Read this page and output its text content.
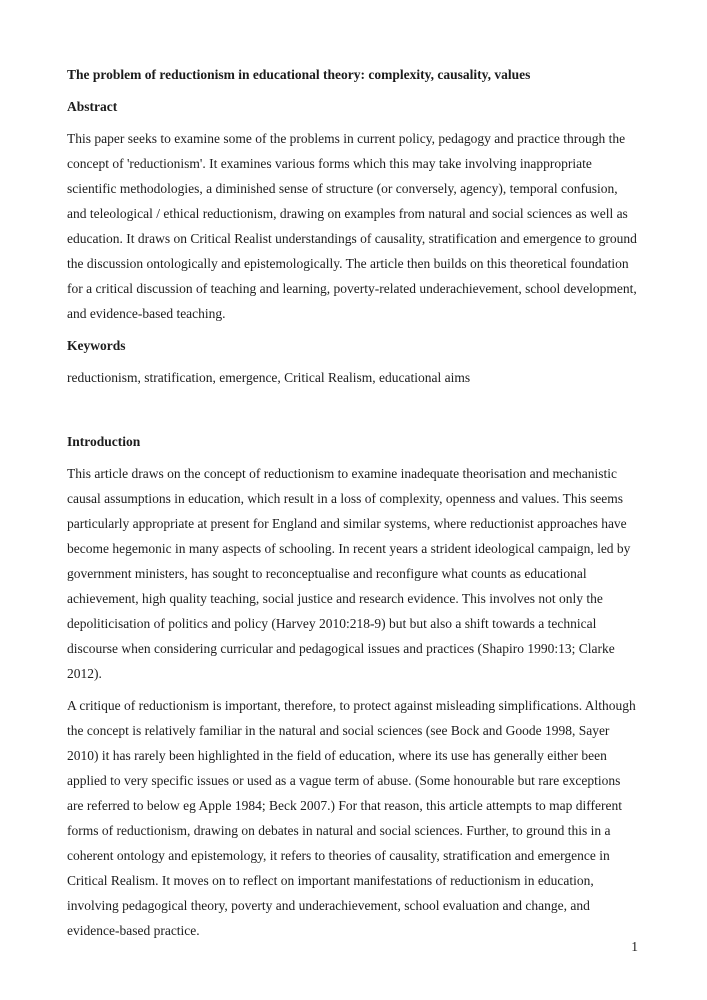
The problem of reductionism in educational theory: complexity, causality, values

Abstract

This paper seeks to examine some of the problems in current policy, pedagogy and practice through the concept of 'reductionism'. It examines various forms which this may take involving inappropriate scientific methodologies, a diminished sense of structure (or conversely, agency), temporal confusion, and teleological / ethical reductionism, drawing on examples from natural and social sciences as well as education. It draws on Critical Realist understandings of causality, stratification and emergence to ground the discussion ontologically and epistemologically. The article then builds on this theoretical foundation for a critical discussion of teaching and learning, poverty-related underachievement, school development, and evidence-based teaching.

Keywords

reductionism, stratification, emergence, Critical Realism, educational aims

Introduction

This article draws on the concept of reductionism to examine inadequate theorisation and mechanistic causal assumptions in education, which result in a loss of complexity, openness and values. This seems particularly appropriate at present for England and similar systems, where reductionist approaches have become hegemonic in many aspects of schooling. In recent years a strident ideological campaign, led by government ministers, has sought to reconceptualise and reconfigure what counts as educational achievement, high quality teaching, social justice and research evidence. This involves not only the depoliticisation of politics and policy (Harvey 2010:218-9) but but also a shift towards a technical discourse when considering curricular and pedagogical issues and practices (Shapiro 1990:13; Clarke 2012).

A critique of reductionism is important, therefore, to protect against misleading simplifications. Although the concept is relatively familiar in the natural and social sciences (see Bock and Goode 1998, Sayer 2010) it has rarely been highlighted in the field of education, where its use has generally either been applied to very specific issues or used as a vague term of abuse. (Some honourable but rare exceptions are referred to below eg Apple 1984; Beck 2007.) For that reason, this article attempts to map different forms of reductionism, drawing on debates in natural and social sciences. Further, to ground this in a coherent ontology and epistemology, it refers to theories of causality, stratification and emergence in Critical Realism. It moves on to reflect on important manifestations of reductionism in education, involving pedagogical theory, poverty and underachievement, school evaluation and change, and evidence-based practice.

1
